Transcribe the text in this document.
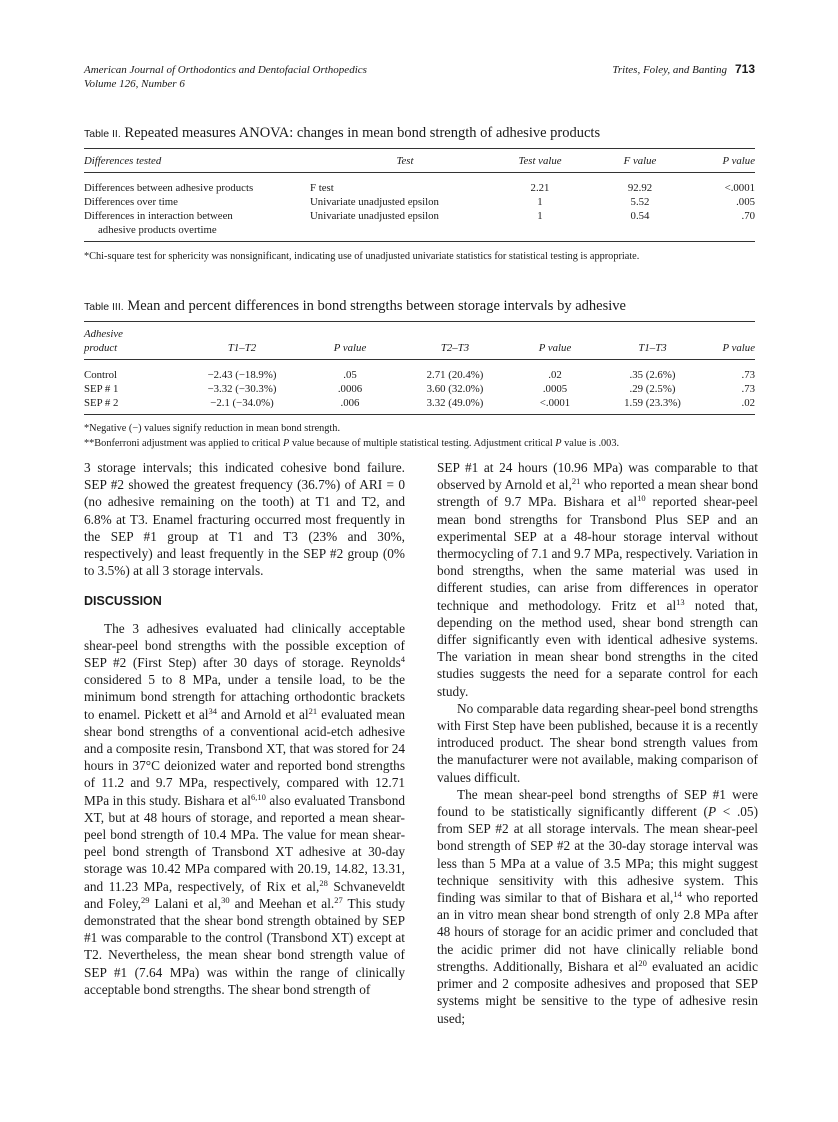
American Journal of Orthodontics and Dentofacial Orthopedics
Volume 126, Number 6
Trites, Foley, and Banting 713
Table II. Repeated measures ANOVA: changes in mean bond strength of adhesive products
Differences tested	Test	Test value	F value	P value
Differences between adhesive products	F test	2.21	92.92	<.0001
Differences over time	Univariate unadjusted epsilon	1	5.52	.005

Differences in interaction between
adhesive products overtime	Univariate unadjusted epsilon	1	0.54	.70
*Chi-square test for sphericity was nonsignificant, indicating use of unadjusted univariate statistics for statistical testing is appropriate.
Table III. Mean and percent differences in bond strengths between storage intervals by adhesive
Adhesive
product	T1–T2	P value	T2–T3	P value	T1–T3	P value
Control	−2.43 (−18.9%)	.05	2.71 (20.4%)	.02	.35 (2.6%)	.73
SEP # 1	−3.32 (−30.3%)	.0006	3.60 (32.0%)	.0005	.29 (2.5%)	.73
SEP # 2	−2.1 (−34.0%)	.006	3.32 (49.0%)	<.0001	1.59 (23.3%)	.02
*Negative (−) values signify reduction in mean bond strength.
**Bonferroni adjustment was applied to critical P value because of multiple statistical testing. Adjustment critical P value is .003.

3 storage intervals; this indicated cohesive bond failure. SEP #2 showed the greatest frequency (36.7%) of ARI = 0 (no adhesive remaining on the tooth) at T1 and T2, and 6.8% at T3. Enamel fracturing occurred most frequently in the SEP #1 group at T1 and T3 (23% and 30%, respectively) and least frequently in the SEP #2 group (0% to 3.5%) at all 3 storage intervals.

DISCUSSION

The 3 adhesives evaluated had clinically acceptable shear-peel bond strengths with the possible exception of SEP #2 (First Step) after 30 days of storage. Reynolds$^4$ considered 5 to 8 MPa, under a tensile load, to be the minimum bond strength for attaching orthodontic brackets to enamel. Pickett et $al^{34}$ and Arnold et $al^{21}$ evaluated mean shear bond strengths of a conventional acid-etch adhesive and a composite resin, Transbond XT, that was stored for 24 hours in 37°C deionized water and reported bond strengths of 11.2 and 9.7 MPa, respectively, compared with 12.71 MPa in this study. Bishara et al$^{6,10}$ also evaluated Transbond XT, but at 48 hours of storage, and reported a mean shear-peel bond strength of 10.4 MPa. The value for mean shear-peel bond strength of Transbond XT adhesive at 30-day storage was 10.42 MPa compared with 20.19, 14.82, 13.31, and 11.23 MPa, respectively, of Rix et al,$^{28}$ Schvaneveldt and Foley,$^{29}$ Lalani et al,$^{30}$ and Meehan et al.$^{27}$ This study demonstrated that the shear bond strength obtained by SEP #1 was comparable to the control (Transbond XT) except at T2. Nevertheless, the mean shear bond strength value of SEP #1 (7.64 MPa) was within the range of clinically acceptable bond strengths. The shear bond strength of

SEP #1 at 24 hours (10.96 MPa) was comparable to that observed by Arnold et al,$^{21}$ who reported a mean shear bond strength of 9.7 MPa. Bishara et $al^{10}$ reported shear-peel mean bond strengths for Transbond Plus SEP and an experimental SEP at a 48-hour storage interval without thermocycling of 7.1 and 9.7 MPa, respectively. Variation in bond strengths, when the same material was used in different studies, can arise from differences in operator technique and methodology. Fritz et $al^{13}$ noted that, depending on the method used, shear bond strength can differ significantly even with identical adhesive systems. The variation in mean shear bond strengths in the cited studies suggests the need for a separate control for each study.

No comparable data regarding shear-peel bond strengths with First Step have been published, because it is a recently introduced product. The shear bond strength values from the manufacturer were not available, making comparison of values difficult.

The mean shear-peel bond strengths of SEP #1 were found to be statistically significantly different (P < .05) from SEP #2 at all storage intervals. The mean shear-peel bond strength of SEP #2 at the 30-day storage interval was less than 5 MPa at a value of 3.5 MPa; this might suggest technique sensitivity with this adhesive system. This finding was similar to that of Bishara et al,$^{14}$ who reported an in vitro mean shear bond strength of only 2.8 MPa after 48 hours of storage for an acidic primer and concluded that the acidic primer did not have clinically reliable bond strengths. Additionally, Bishara et $al^{20}$ evaluated an acidic primer and 2 composite adhesives and proposed that SEP systems might be sensitive to the type of adhesive resin used;
